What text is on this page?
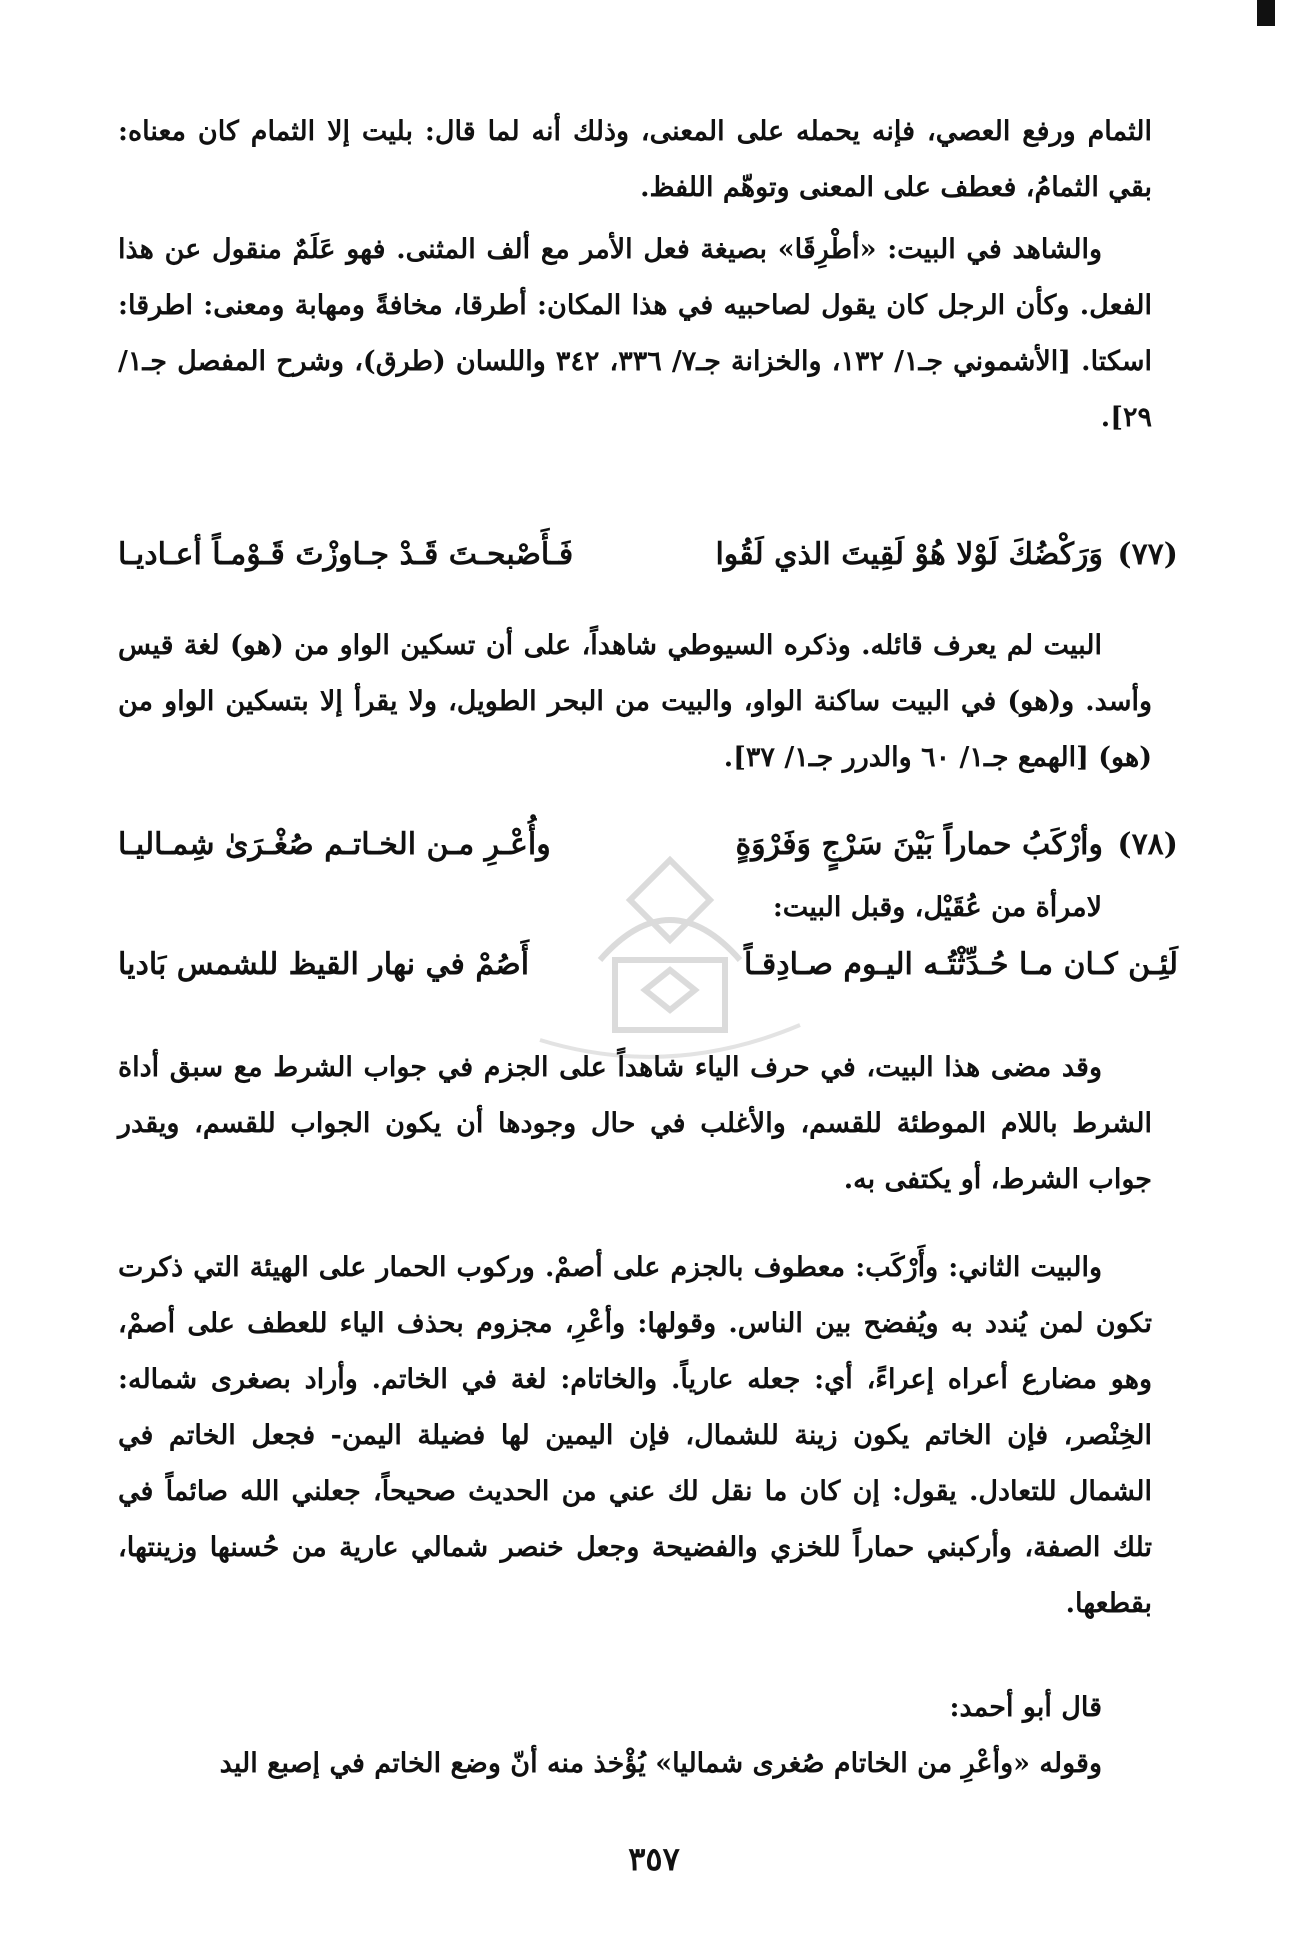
الثمام ورفع العصي، فإنه يحمله على المعنى، وذلك أنه لما قال: بليت إلا الثمام كان معناه: بقي الثمامُ، فعطف على المعنى وتوهّم اللفظ.

والشاهد في البيت: «أطْرِقَا» بصيغة فعل الأمر مع ألف المثنى. فهو عَلَمٌ منقول عن هذا الفعل. وكأن الرجل كان يقول لصاحبيه في هذا المكان: أطرقا، مخافةً ومهابة ومعنى: اطرقا: اسكتا. [الأشموني جـ١/ ١٣٢، والخزانة جـ٧/ ٣٣٦، ٣٤٢ واللسان (طرق)، وشرح المفصل جـ١/ ٢٩].

(٧٧)
وَرَكْضُكَ لَوْلا هُوْ لَقِيتَ الذي لَقُوا
فَـأَصْبحـتَ قَـدْ جـاوزْتَ قَـوْمـاً أعـاديـا

البيت لم يعرف قائله. وذكره السيوطي شاهداً، على أن تسكين الواو من (هو) لغة قيس وأسد. و(هو) في البيت ساكنة الواو، والبيت من البحر الطويل، ولا يقرأ إلا بتسكين الواو من (هو) [الهمع جـ١/ ٦٠ والدرر جـ١/ ٣٧].

(٧٨)
وأرْكَبُ حماراً بَيْنَ سَرْجٍ وَفَرْوَةٍ
وأُعْـرِ مـن الخـاتـم صُغْـرَىٰ شِمـاليـا

لامرأة من عُقَيْل، وقبل البيت:

لَئِـن كـان مـا حُـدِّثْتُـه اليـوم صـادِقـاً
أَصُمْ في نهار القيظ للشمس بَاديا

وقد مضى هذا البيت، في حرف الياء شاهداً على الجزم في جواب الشرط مع سبق أداة الشرط باللام الموطئة للقسم، والأغلب في حال وجودها أن يكون الجواب للقسم، ويقدر جواب الشرط، أو يكتفى به.

والبيت الثاني: وأَرْكَب: معطوف بالجزم على أصمْ. وركوب الحمار على الهيئة التي ذكرت تكون لمن يُندد به ويُفضح بين الناس. وقولها: وأعْرِ، مجزوم بحذف الياء للعطف على أصمْ، وهو مضارع أعراه إعراءً، أي: جعله عارياً. والخاتام: لغة في الخاتم. وأراد بصغرى شماله: الخِنْصر، فإن الخاتم يكون زينة للشمال، فإن اليمين لها فضيلة اليمن- فجعل الخاتم في الشمال للتعادل. يقول: إن كان ما نقل لك عني من الحديث صحيحاً، جعلني الله صائماً في تلك الصفة، وأركبني حماراً للخزي والفضيحة وجعل خنصر شمالي عارية من حُسنها وزينتها، بقطعها.

قال أبو أحمد:

وقوله «وأعْرِ من الخاتام صُغرى شماليا» يُؤْخذ منه أنّ وضع الخاتم في إصبع اليد

٣٥٧
